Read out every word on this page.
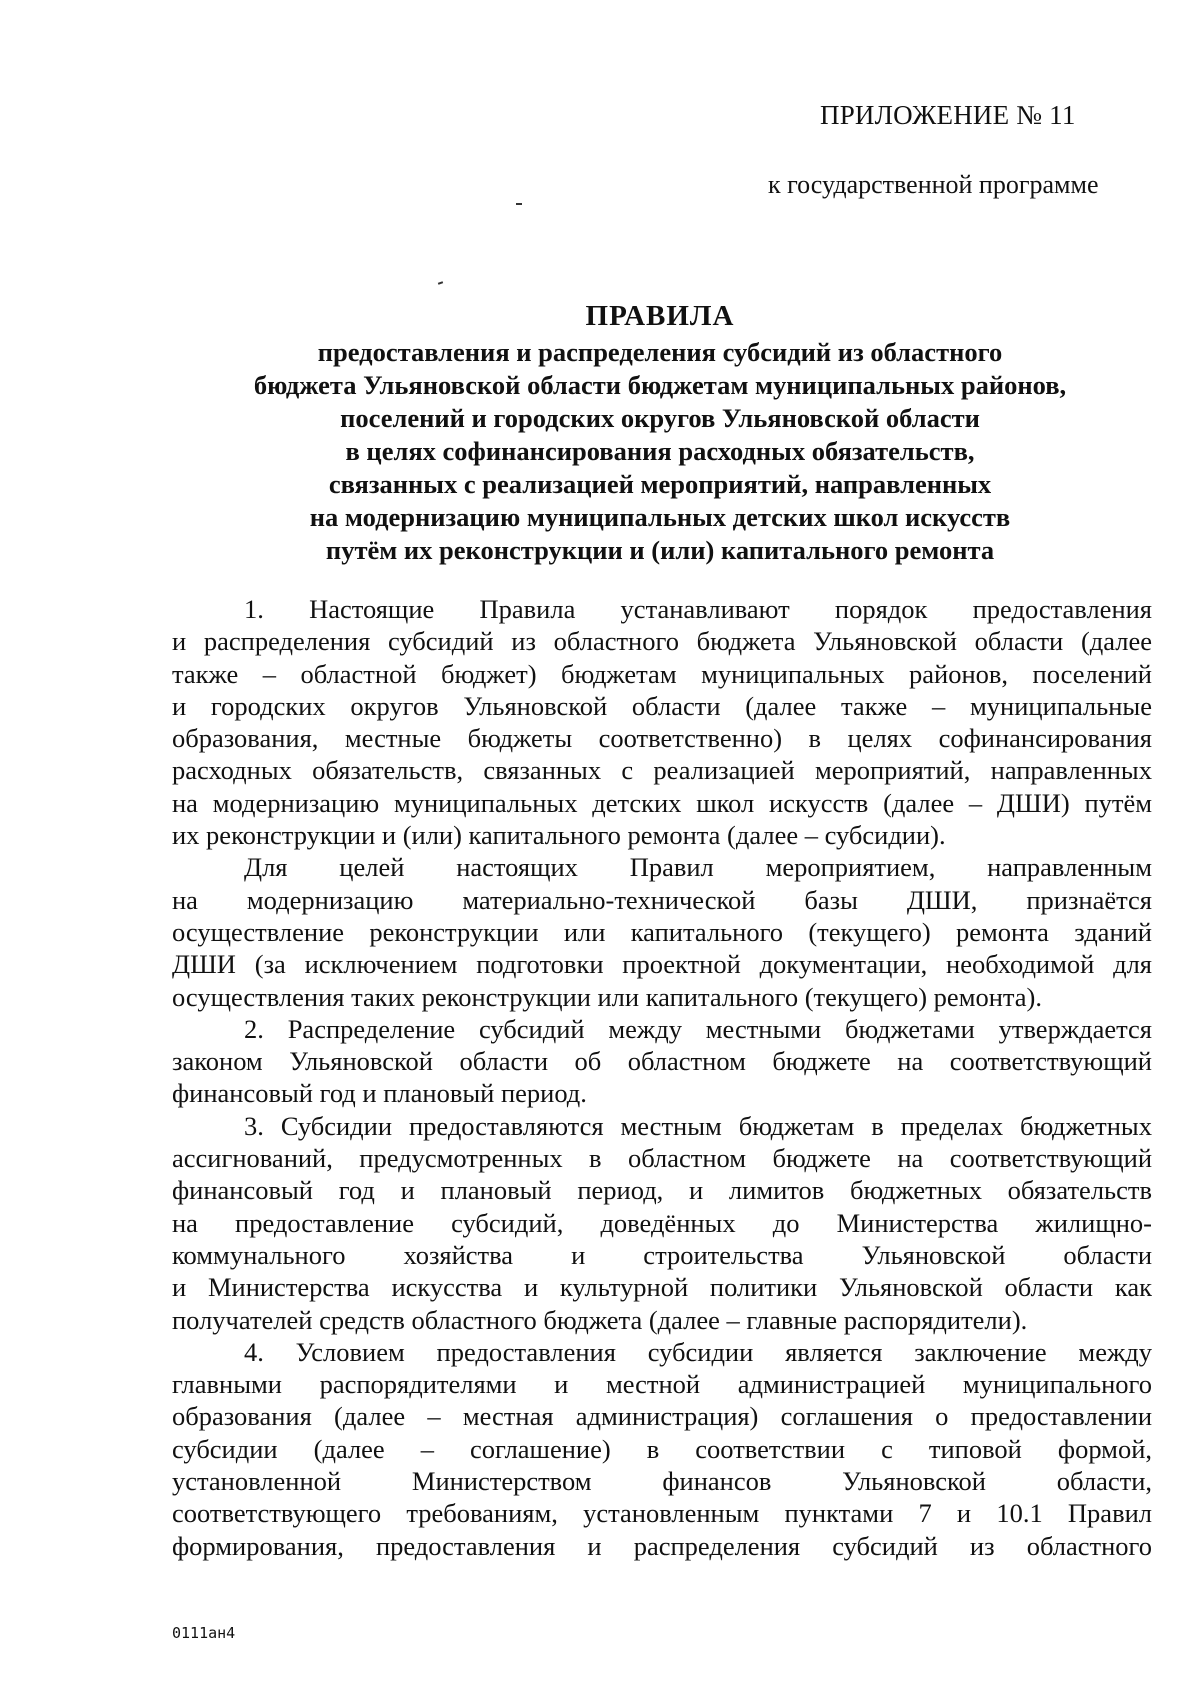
ПРИЛОЖЕНИЕ № 11
к государственной программе
ПРАВИЛА
предоставления и распределения субсидий из областного
бюджета Ульяновской области бюджетам муниципальных районов,
поселений и городских округов Ульяновской области
в целях софинансирования расходных обязательств,
связанных с реализацией мероприятий, направленных
на модернизацию муниципальных детских школ искусств
путём их реконструкции и (или) капитального ремонта
1. Настоящие Правила устанавливают порядок предоставления
и распределения субсидий из областного бюджета Ульяновской области (далее
также – областной бюджет) бюджетам муниципальных районов, поселений
и городских округов Ульяновской области (далее также – муниципальные
образования, местные бюджеты соответственно) в целях софинансирования
расходных обязательств, связанных с реализацией мероприятий, направленных
на модернизацию муниципальных детских школ искусств (далее – ДШИ) путём
их реконструкции и (или) капитального ремонта (далее – субсидии).
Для целей настоящих Правил мероприятием, направленным
на модернизацию материально-технической базы ДШИ, признаётся
осуществление реконструкции или капитального (текущего) ремонта зданий
ДШИ (за исключением подготовки проектной документации, необходимой для
осуществления таких реконструкции или капитального (текущего) ремонта).
2. Распределение субсидий между местными бюджетами утверждается
законом Ульяновской области об областном бюджете на соответствующий
финансовый год и плановый период.
3. Субсидии предоставляются местным бюджетам в пределах бюджетных
ассигнований, предусмотренных в областном бюджете на соответствующий
финансовый год и плановый период, и лимитов бюджетных обязательств
на предоставление субсидий, доведённых до Министерства жилищно-
коммунального хозяйства и строительства Ульяновской области
и Министерства искусства и культурной политики Ульяновской области как
получателей средств областного бюджета (далее – главные распорядители).
4. Условием предоставления субсидии является заключение между
главными распорядителями и местной администрацией муниципального
образования (далее – местная администрация) соглашения о предоставлении
субсидии (далее – соглашение) в соответствии с типовой формой,
установленной Министерством финансов Ульяновской области,
соответствующего требованиям, установленным пунктами 7 и 10.1 Правил
формирования, предоставления и распределения субсидий из областного
0111ан4
